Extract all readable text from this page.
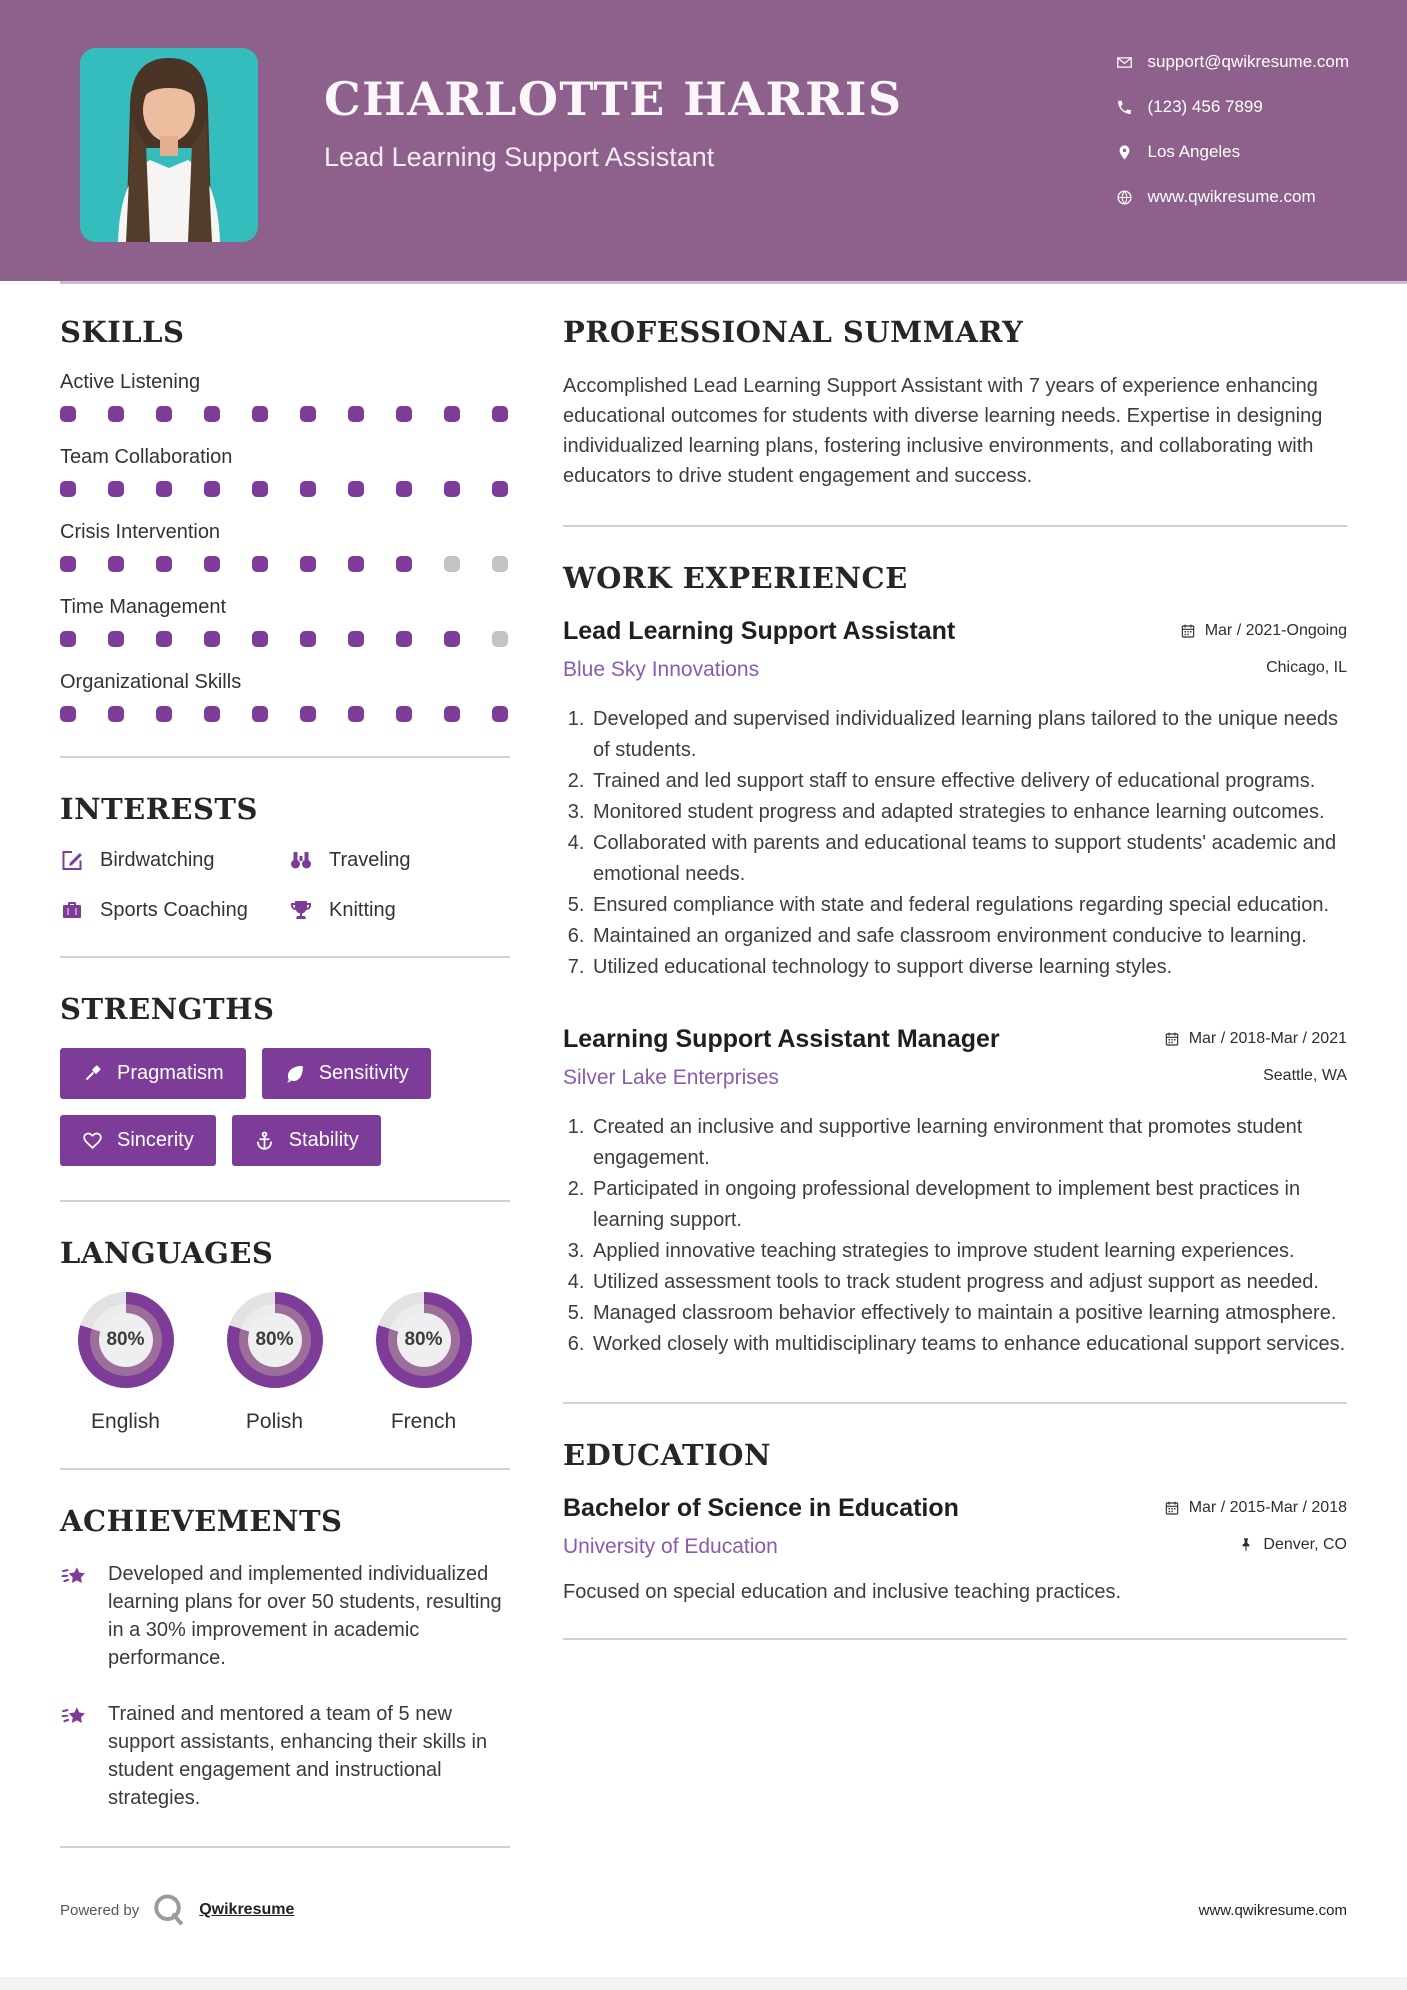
CHARLOTTE HARRIS
Lead Learning Support Assistant
support@qwikresume.com
(123) 456 7899
Los Angeles
www.qwikresume.com
SKILLS
Active Listening
Team Collaboration
Crisis Intervention
Time Management
Organizational Skills
INTERESTS
Birdwatching	Traveling
Sports Coaching	Knitting
STRENGTHS
Pragmatism	Sensitivity
Sincerity	Stability
LANGUAGES
80%
English
80%
Polish
80%
French
ACHIEVEMENTS

Developed and implemented individualized learning plans for over 50 students, resulting in a 30% improvement in academic performance.

Trained and mentored a team of 5 new support assistants, enhancing their skills in student engagement and instructional strategies.

PROFESSIONAL SUMMARY

Accomplished Lead Learning Support Assistant with 7 years of experience enhancing educational outcomes for students with diverse learning needs. Expertise in designing individualized learning plans, fostering inclusive environments, and collaborating with educators to drive student engagement and success.

WORK EXPERIENCE
Lead Learning Support Assistant	Mar / 2021-Ongoing
Blue Sky Innovations	Chicago, IL
1. Developed and supervised individualized learning plans tailored to the unique needs of students.
2. Trained and led support staff to ensure effective delivery of educational programs.
3. Monitored student progress and adapted strategies to enhance learning outcomes.
4. Collaborated with parents and educational teams to support students' academic and emotional needs.
5. Ensured compliance with state and federal regulations regarding special education.
6. Maintained an organized and safe classroom environment conducive to learning.
7. Utilized educational technology to support diverse learning styles.
Learning Support Assistant Manager	Mar / 2018-Mar / 2021
Silver Lake Enterprises	Seattle, WA
1. Created an inclusive and supportive learning environment that promotes student engagement.
2. Participated in ongoing professional development to implement best practices in learning support.
3. Applied innovative teaching strategies to improve student learning experiences.
4. Utilized assessment tools to track student progress and adjust support as needed.
5. Managed classroom behavior effectively to maintain a positive learning atmosphere.
6. Worked closely with multidisciplinary teams to enhance educational support services.
EDUCATION
Bachelor of Science in Education	Mar / 2015-Mar / 2018
University of Education	Denver, CO

Focused on special education and inclusive teaching practices.

Powered by	Qwikresume	www.qwikresume.com
